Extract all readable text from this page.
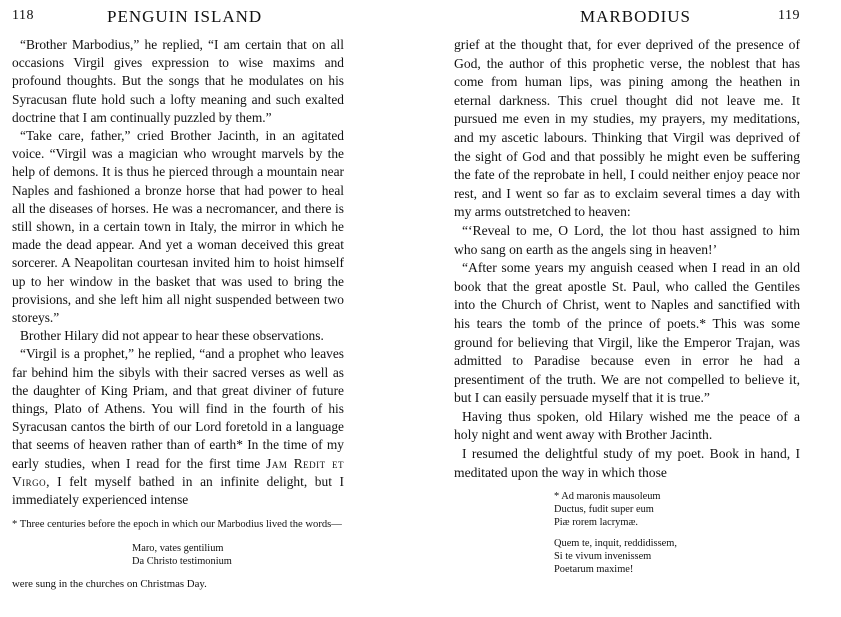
118	PENGUIN ISLAND

“Brother Marbodius,” he replied, “I am certain that on all occasions Virgil gives expression to wise maxims and profound thoughts. But the songs that he modulates on his Syracusan flute hold such a lofty meaning and such exalted doctrine that I am continually puzzled by them.”

“Take care, father,” cried Brother Jacinth, in an agitated voice. “Virgil was a magician who wrought marvels by the help of demons. It is thus he pierced through a mountain near Naples and fashioned a bronze horse that had power to heal all the diseases of horses. He was a necromancer, and there is still shown, in a certain town in Italy, the mirror in which he made the dead appear. And yet a woman deceived this great sorcerer. A Neapolitan courtesan invited him to hoist himself up to her window in the basket that was used to bring the provisions, and she left him all night suspended between two storeys.”

Brother Hilary did not appear to hear these observations.

“Virgil is a prophet,” he replied, “and a prophet who leaves far behind him the sibyls with their sacred verses as well as the daughter of King Priam, and that great diviner of future things, Plato of Athens. You will find in the fourth of his Syracusan cantos the birth of our Lord foretold in a language that seems of heaven rather than of earth* In the time of my early studies, when I read for the first time Jam Redit et Virgo, I felt myself bathed in an infinite delight, but I immediately experienced intense

* Three centuries before the epoch in which our Marbodius lived the words—
Maro, vates gentilium
Da Christo testimonium
were sung in the churches on Christmas Day.
MARBODIUS	119

grief at the thought that, for ever deprived of the presence of God, the author of this prophetic verse, the noblest that has come from human lips, was pining among the heathen in eternal darkness. This cruel thought did not leave me. It pursued me even in my studies, my prayers, my meditations, and my ascetic labours. Thinking that Virgil was deprived of the sight of God and that possibly he might even be suffering the fate of the reprobate in hell, I could neither enjoy peace nor rest, and I went so far as to exclaim several times a day with my arms outstretched to heaven:

“‘Reveal to me, O Lord, the lot thou hast assigned to him who sang on earth as the angels sing in heaven!’

“After some years my anguish ceased when I read in an old book that the great apostle St. Paul, who called the Gentiles into the Church of Christ, went to Naples and sanctified with his tears the tomb of the prince of poets.* This was some ground for believing that Virgil, like the Emperor Trajan, was admitted to Paradise because even in error he had a presentiment of the truth. We are not compelled to believe it, but I can easily persuade myself that it is true.”

Having thus spoken, old Hilary wished me the peace of a holy night and went away with Brother Jacinth.

I resumed the delightful study of my poet. Book in hand, I meditated upon the way in which those

* Ad maronis mausoleum
Ductus, fudit super eum
Piæ rorem lacrymæ.
Quem te, inquit, reddidissem,
Si te vivum invenissem
Poetarum maxime!
